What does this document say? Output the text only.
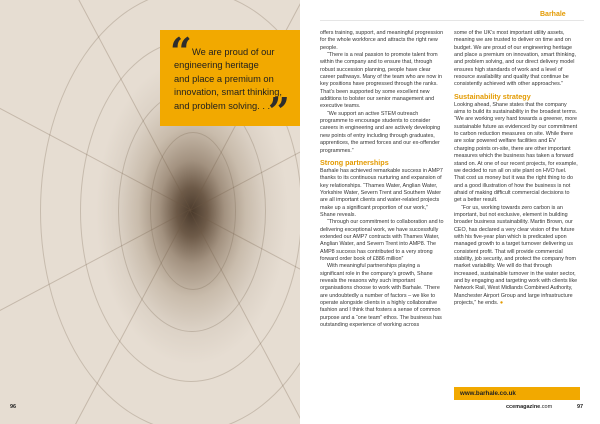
“ We are proud of our
engineering heritage
and place a premium on
innovation, smart thinking,
and problem solving. . .
”
96
Barhale

offers training, support, and meaningful progression for the whole workforce and attracts the right new people.

“There is a real passion to promote talent from within the company and to ensure that, through robust succession planning, people have clear career pathways. Many of the team who are now in key positions have progressed through the ranks. That’s been supported by some excellent new additions to bolster our senior management and executive teams.

“We support an active STEM outreach programme to encourage students to consider careers in engineering and are actively developing new points of entry including through graduates, apprentices, the armed forces and our ex-offender programmes.”

Strong partnerships

Barhale has achieved remarkable success in AMP7 thanks to its continuous nurturing and expansion of key relationships. “Thames Water, Anglian Water, Yorkshire Water, Severn Trent and Southern Water are all important clients and water-related projects make up a significant proportion of our work,” Shane reveals.

“Through our commitment to collaboration and to delivering exceptional work, we have successfully extended our AMP7 contracts with Thames Water, Anglian Water, and Severn Trent into AMP8. The AMP8 success has contributed to a very strong forward order book of £886 million”

With meaningful partnerships playing a significant role in the company’s growth, Shane reveals the reasons why such important organisations choose to work with Barhale. “There are undoubtedly a number of factors – we like to operate alongside clients in a highly collaborative fashion and I think that fosters a sense of common purpose and a “one team” ethos. The business has outstanding experience of working across

some of the UK’s most important utility assets, meaning we are trusted to deliver on time and on budget. We are proud of our engineering heritage and place a premium on innovation, smart thinking, and problem solving, and our direct delivery model ensures high standards of work and a level of resource availability and quality that continue be consistently achieved with other approaches.”

Sustainability strategy

Looking ahead, Shane states that the company aims to build its sustainability in the broadest terms. “We are working very hard towards a greener, more sustainable future as evidenced by our commitment to carbon reduction measures on site. While there are solar powered welfare facilities and EV charging points on-site, there are other important measures which the business has taken a forward stand on. At one of our recent projects, for example, we decided to run all on site plant on HVO fuel. That cost us money but it was the right thing to do and a good illustration of how the business is not afraid of making difficult commercial decisions to get a better result.

“For us, working towards zero carbon is an important, but not exclusive, element in building broader business sustainability. Martin Brown, our CEO, has declared a very clear vision of the future with his five-year plan which is predicated upon managed growth to a target turnover delivering us consistent profit. That will provide commercial stability, job security, and protect the company from market variability. We will do that through increased, sustainable turnover in the water sector, and by engaging and targeting work with clients like Network Rail, West Midlands Combined Authority, Manchester Airport Group and large infrastructure projects,” he ends. ●

www.barhale.co.uk
ccemagazine.com	97
